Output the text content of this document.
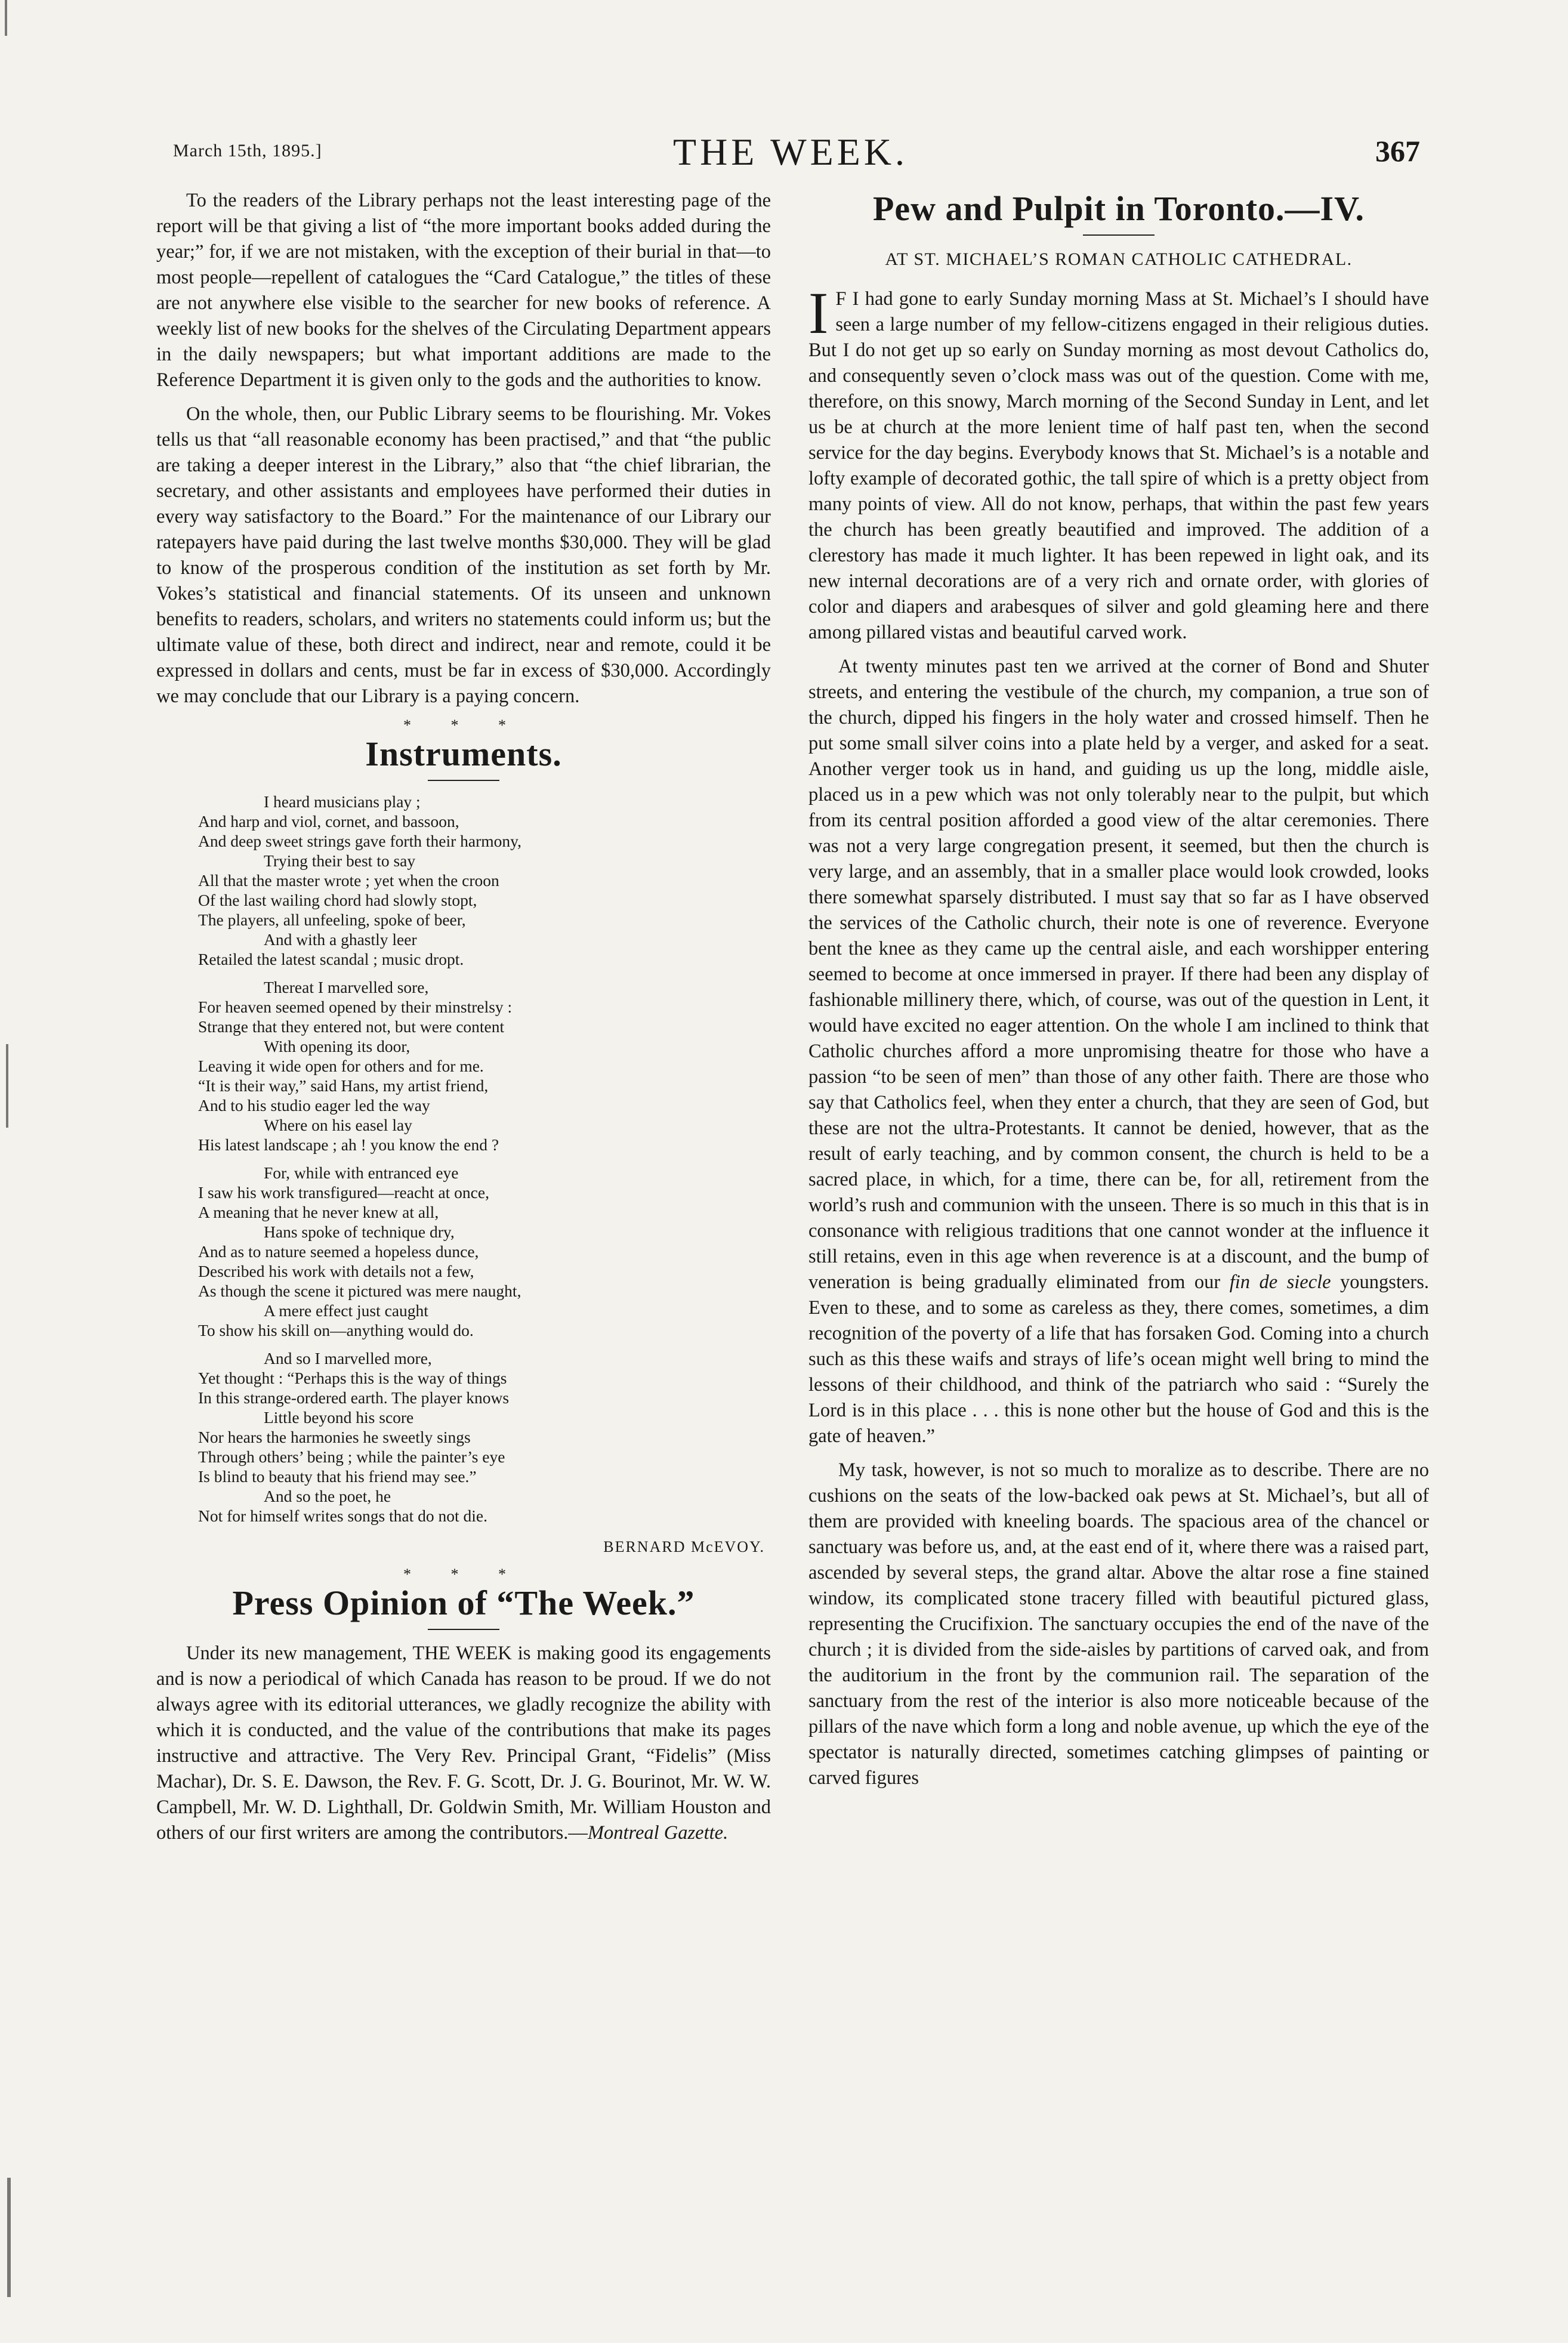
March 15th, 1895.]	THE WEEK.	367

To the readers of the Library perhaps not the least interesting page of the report will be that giving a list of “the more important books added during the year;” for, if we are not mistaken, with the exception of their burial in that—to most people—repellent of catalogues the “Card Catalogue,” the titles of these are not anywhere else visible to the searcher for new books of reference. A weekly list of new books for the shelves of the Circulating Department appears in the daily newspapers; but what important additions are made to the Reference Department it is given only to the gods and the authorities to know.

On the whole, then, our Public Library seems to be flourishing. Mr. Vokes tells us that “all reasonable economy has been practised,” and that “the public are taking a deeper interest in the Library,” also that “the chief librarian, the secretary, and other assistants and employees have performed their duties in every way satisfactory to the Board.” For the maintenance of our Library our ratepayers have paid during the last twelve months $30,000. They will be glad to know of the prosperous condition of the institution as set forth by Mr. Vokes’s statistical and financial statements. Of its unseen and unknown benefits to readers, scholars, and writers no statements could inform us; but the ultimate value of these, both direct and indirect, near and remote, could it be expressed in dollars and cents, must be far in excess of $30,000. Accordingly we may conclude that our Library is a paying concern.

* * *
Instruments.
I heard musicians play ;
And harp and viol, cornet, and bassoon,
And deep sweet strings gave forth their harmony,
Trying their best to say
All that the master wrote ; yet when the croon
Of the last wailing chord had slowly stopt,
The players, all unfeeling, spoke of beer,
And with a ghastly leer
Retailed the latest scandal ; music dropt.
Thereat I marvelled sore,
For heaven seemed opened by their minstrelsy :
Strange that they entered not, but were content
With opening its door,
Leaving it wide open for others and for me.
“It is their way,” said Hans, my artist friend,
And to his studio eager led the way
Where on his easel lay
His latest landscape ; ah ! you know the end ?
For, while with entranced eye
I saw his work transfigured—reacht at once,
A meaning that he never knew at all,
Hans spoke of technique dry,
And as to nature seemed a hopeless dunce,
Described his work with details not a few,
As though the scene it pictured was mere naught,
A mere effect just caught
To show his skill on—anything would do.
And so I marvelled more,
Yet thought : “Perhaps this is the way of things
In this strange-ordered earth. The player knows
Little beyond his score
Nor hears the harmonies he sweetly sings
Through others’ being ; while the painter’s eye
Is blind to beauty that his friend may see.”
And so the poet, he
Not for himself writes songs that do not die.
BERNARD McEVOY.
* * *
Press Opinion of “The Week.”

Under its new management, THE WEEK is making good its engagements and is now a periodical of which Canada has reason to be proud. If we do not always agree with its editorial utterances, we gladly recognize the ability with which it is conducted, and the value of the contributions that make its pages instructive and attractive. The Very Rev. Principal Grant, “Fidelis” (Miss Machar), Dr. S. E. Dawson, the Rev. F. G. Scott, Dr. J. G. Bourinot, Mr. W. W. Campbell, Mr. W. D. Lighthall, Dr. Goldwin Smith, Mr. William Houston and others of our first writers are among the contributors.—Montreal Gazette.

Pew and Pulpit in Toronto.—IV.
AT ST. MICHAEL’S ROMAN CATHOLIC CATHEDRAL.

I F I had gone to early Sunday morning Mass at St. Michael’s I should have seen a large number of my fellow-citizens engaged in their religious duties. But I do not get up so early on Sunday morning as most devout Catholics do, and consequently seven o’clock mass was out of the question. Come with me, therefore, on this snowy, March morning of the Second Sunday in Lent, and let us be at church at the more lenient time of half past ten, when the second service for the day begins. Everybody knows that St. Michael’s is a notable and lofty example of decorated gothic, the tall spire of which is a pretty object from many points of view. All do not know, perhaps, that within the past few years the church has been greatly beautified and improved. The addition of a clerestory has made it much lighter. It has been repewed in light oak, and its new internal decorations are of a very rich and ornate order, with glories of color and diapers and arabesques of silver and gold gleaming here and there among pillared vistas and beautiful carved work.

At twenty minutes past ten we arrived at the corner of Bond and Shuter streets, and entering the vestibule of the church, my companion, a true son of the church, dipped his fingers in the holy water and crossed himself. Then he put some small silver coins into a plate held by a verger, and asked for a seat. Another verger took us in hand, and guiding us up the long, middle aisle, placed us in a pew which was not only tolerably near to the pulpit, but which from its central position afforded a good view of the altar ceremonies. There was not a very large congregation present, it seemed, but then the church is very large, and an assembly, that in a smaller place would look crowded, looks there somewhat sparsely distributed. I must say that so far as I have observed the services of the Catholic church, their note is one of reverence. Everyone bent the knee as they came up the central aisle, and each worshipper entering seemed to become at once immersed in prayer. If there had been any display of fashionable millinery there, which, of course, was out of the question in Lent, it would have excited no eager attention. On the whole I am inclined to think that Catholic churches afford a more unpromising theatre for those who have a passion “to be seen of men” than those of any other faith. There are those who say that Catholics feel, when they enter a church, that they are seen of God, but these are not the ultra-Protestants. It cannot be denied, however, that as the result of early teaching, and by common consent, the church is held to be a sacred place, in which, for a time, there can be, for all, retirement from the world’s rush and communion with the unseen. There is so much in this that is in consonance with religious traditions that one cannot wonder at the influence it still retains, even in this age when reverence is at a discount, and the bump of veneration is being gradually eliminated from our fin de siecle youngsters. Even to these, and to some as careless as they, there comes, sometimes, a dim recognition of the poverty of a life that has forsaken God. Coming into a church such as this these waifs and strays of life’s ocean might well bring to mind the lessons of their childhood, and think of the patriarch who said : “Surely the Lord is in this place . . . this is none other but the house of God and this is the gate of heaven.”

My task, however, is not so much to moralize as to describe. There are no cushions on the seats of the low-backed oak pews at St. Michael’s, but all of them are provided with kneeling boards. The spacious area of the chancel or sanctuary was before us, and, at the east end of it, where there was a raised part, ascended by several steps, the grand altar. Above the altar rose a fine stained window, its complicated stone tracery filled with beautiful pictured glass, representing the Crucifixion. The sanctuary occupies the end of the nave of the church ; it is divided from the side-aisles by partitions of carved oak, and from the auditorium in the front by the communion rail. The separation of the sanctuary from the rest of the interior is also more noticeable because of the pillars of the nave which form a long and noble avenue, up which the eye of the spectator is naturally directed, sometimes catching glimpses of painting or carved figures
